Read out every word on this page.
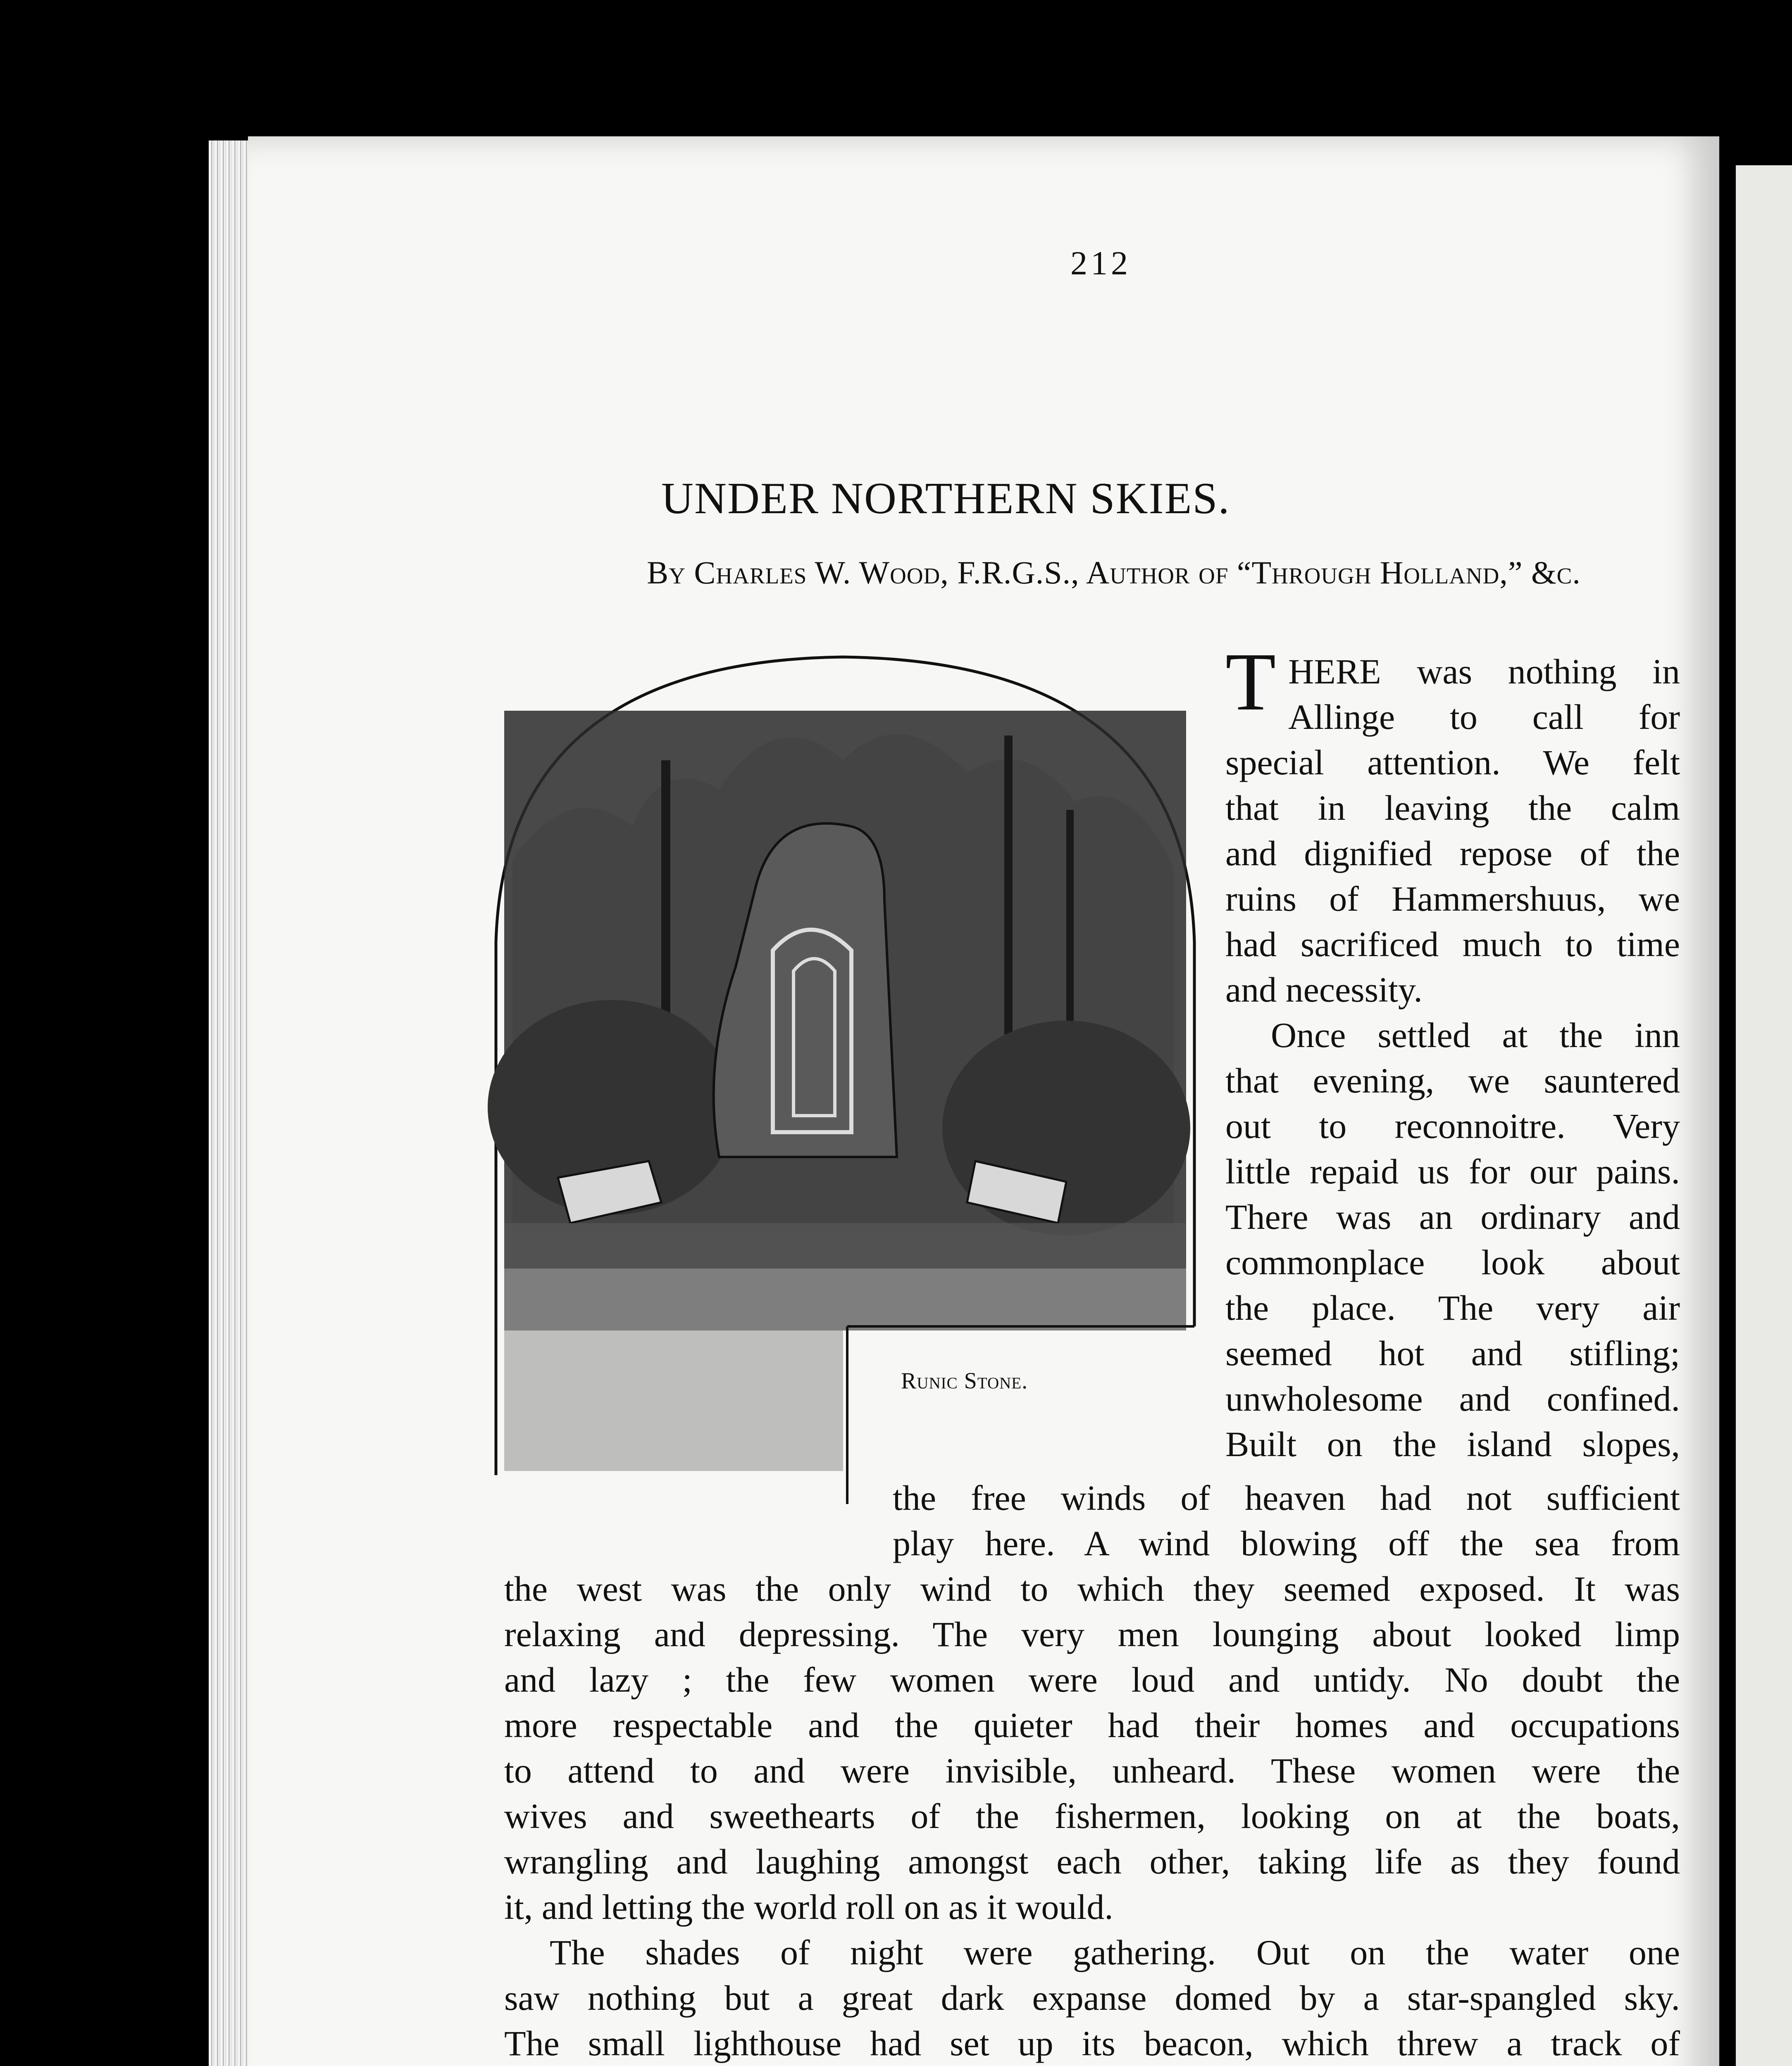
212
UNDER NORTHERN SKIES.
By Charles W. Wood, F.R.G.S., Author of “Through Holland,” &c.
Runic Stone.
T HERE was nothing in

Allinge to call for

special attention. We felt

that in leaving the calm

and dignified repose of the

ruins of Hammershuus, we

had sacrificed much to time

and necessity.

Once settled at the inn

that evening, we sauntered

out to reconnoitre. Very

little repaid us for our pains.

There was an ordinary and

commonplace look about

the place. The very air

seemed hot and stifling;

unwholesome and confined.

Built on the island slopes,

the free winds of heaven had not sufficient

play here. A wind blowing off the sea from

the west was the only wind to which they seemed exposed. It was

relaxing and depressing. The very men lounging about looked limp

and lazy ; the few women were loud and untidy. No doubt the

more respectable and the quieter had their homes and occupations

to attend to and were invisible, unheard. These women were the

wives and sweethearts of the fishermen, looking on at the boats,

wrangling and laughing amongst each other, taking life as they found

it, and letting the world roll on as it would.

The shades of night were gathering. Out on the water one

saw nothing but a great dark expanse domed by a star-spangled sky.

The small lighthouse had set up its beacon, which threw a track of
